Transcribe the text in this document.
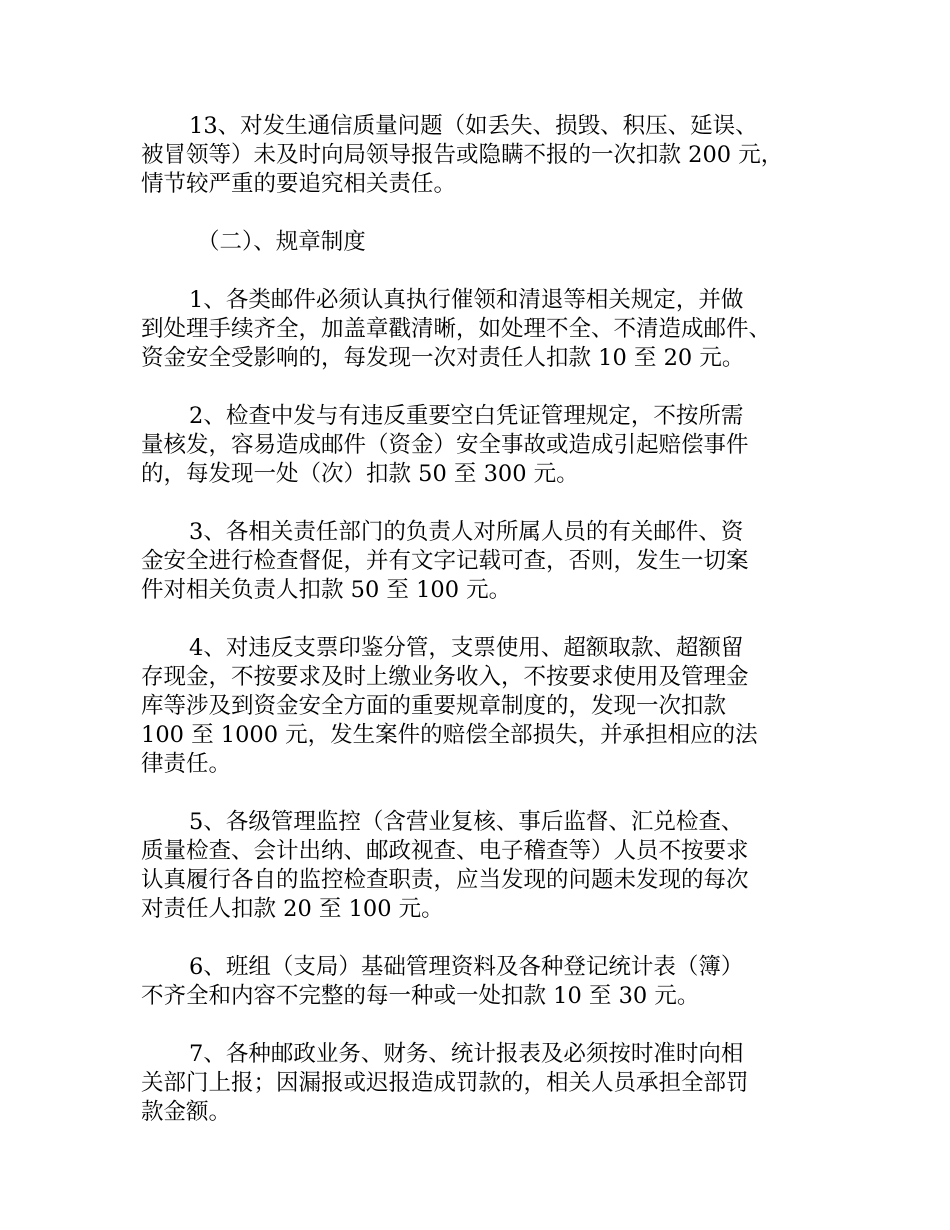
13、对发生通信质量问题（如丢失、损毁、积压、延误、
被冒领等）未及时向局领导报告或隐瞒不报的一次扣款 200 元，
情节较严重的要追究相关责任。
（二）、规章制度
1、各类邮件必须认真执行催领和清退等相关规定，并做
到处理手续齐全，加盖章戳清晰，如处理不全、不清造成邮件、
资金安全受影响的，每发现一次对责任人扣款 10 至 20 元。
2、检查中发与有违反重要空白凭证管理规定，不按所需
量核发，容易造成邮件（资金）安全事故或造成引起赔偿事件
的，每发现一处（次）扣款 50 至 300 元。
3、各相关责任部门的负责人对所属人员的有关邮件、资
金安全进行检查督促，并有文字记载可查，否则，发生一切案
件对相关负责人扣款 50 至 100 元。
4、对违反支票印鉴分管，支票使用、超额取款、超额留
存现金，不按要求及时上缴业务收入，不按要求使用及管理金
库等涉及到资金安全方面的重要规章制度的，发现一次扣款
100 至 1000 元，发生案件的赔偿全部损失，并承担相应的法
律责任。
5、各级管理监控（含营业复核、事后监督、汇兑检查、
质量检查、会计出纳、邮政视查、电子稽查等）人员不按要求
认真履行各自的监控检查职责，应当发现的问题未发现的每次
对责任人扣款 20 至 100 元。
6、班组（支局）基础管理资料及各种登记统计表（簿）
不齐全和内容不完整的每一种或一处扣款 10 至 30 元。
7、各种邮政业务、财务、统计报表及必须按时准时向相
关部门上报；因漏报或迟报造成罚款的，相关人员承担全部罚
款金额。
